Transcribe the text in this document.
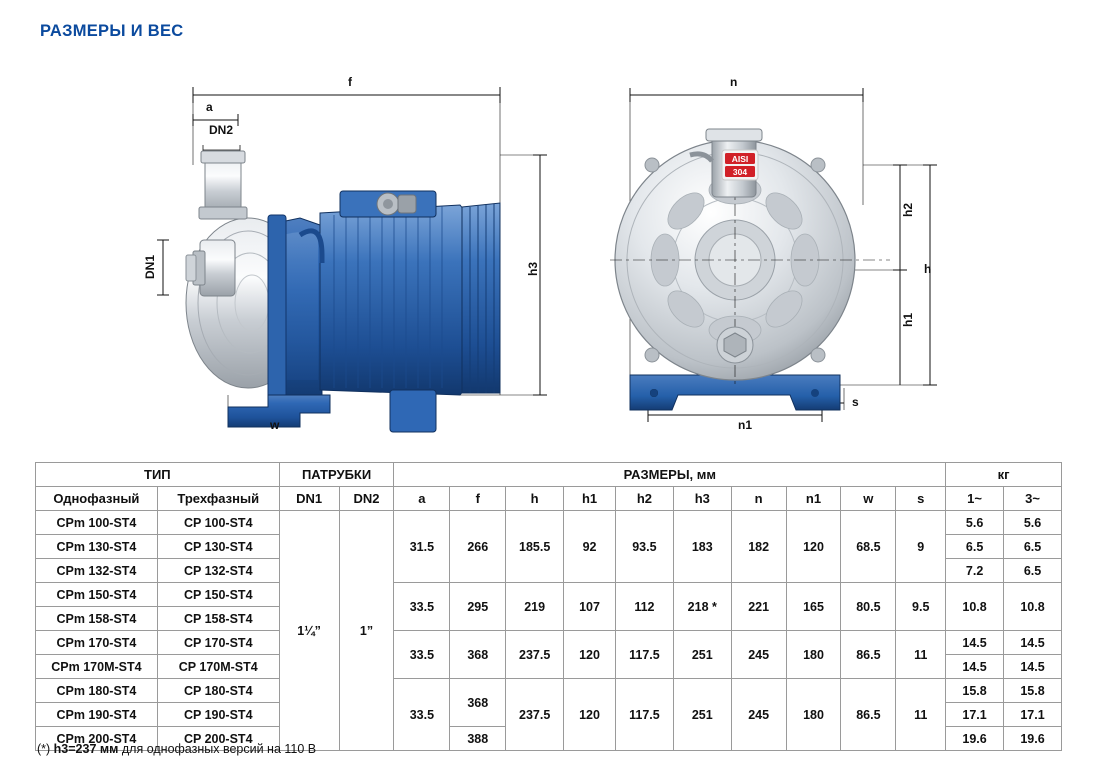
РАЗМЕРЫ И ВЕС
f
a
DN2
DN1	h3
w
AISI
304
n
h2
h
h1
n1
s
ТИП		ПАТРУБКИ		РАЗМЕРЫ, мм										кг	
Однофазный	Трехфазный	DN1	DN2	a	f	h	h1	h2	h3	n	n1	w	s	1~	3~
CPm 100-ST4	CP 100-ST4	1¼”	1”	31.5	266	185.5	92	93.5	183	182	120	68.5	9	5.6	5.6
CPm 130-ST4	CP 130-ST4													6.5	6.5
CPm 132-ST4	CP 132-ST4													7.2	6.5
CPm 150-ST4	CP 150-ST4			33.5	295	219	107	112	218 *	221	165	80.5	9.5	10.8	10.8
CPm 158-ST4	CP 158-ST4														
CPm 170-ST4	CP 170-ST4			33.5	368	237.5	120	117.5	251	245	180	86.5	11	14.5	14.5
CPm 170M-ST4	CP 170M-ST4													14.5	14.5
CPm 180-ST4	CP 180-ST4			33.5	368	237.5	120	117.5	251	245	180	86.5	11	15.8	15.8
CPm 190-ST4	CP 190-ST4													17.1	17.1
CPm 200-ST4	CP 200-ST4				388									19.6	19.6
(*) h3=237 мм для однофазных версий на 110 В
